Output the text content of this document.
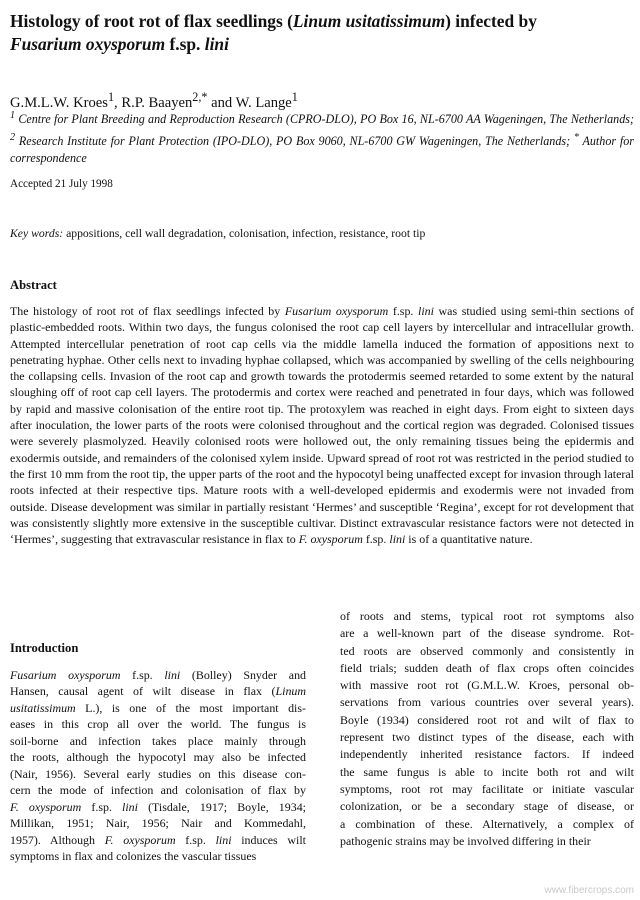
Histology of root rot of flax seedlings (Linum usitatissimum) infected by
Fusarium oxysporum f.sp. lini
G.M.L.W. Kroes$^1$, R.P. Baayen$^{2,*}$ and W. Lange$^1$
$^1$ Centre for Plant Breeding and Reproduction Research (CPRO-DLO), PO Box 16, NL-6700 AA Wageningen, The Netherlands; $^2$ Research Institute for Plant Protection (IPO-DLO), PO Box 9060, NL-6700 GW Wageningen, The Netherlands; * Author for correspondence
Accepted 21 July 1998
Key words: appositions, cell wall degradation, colonisation, infection, resistance, root tip
Abstract
The histology of root rot of flax seedlings infected by Fusarium oxysporum f.sp. lini was studied using semi-thin sections of plastic-embedded roots. Within two days, the fungus colonised the root cap cell layers by intercellular and intracellular growth. Attempted intercellular penetration of root cap cells via the middle lamella induced the formation of appositions next to penetrating hyphae. Other cells next to invading hyphae collapsed, which was accompanied by swelling of the cells neighbouring the collapsing cells. Invasion of the root cap and growth towards the protodermis seemed retarded to some extent by the natural sloughing off of root cap cell layers. The protodermis and cortex were reached and penetrated in four days, which was followed by rapid and massive colonisation of the entire root tip. The protoxylem was reached in eight days. From eight to sixteen days after inoculation, the lower parts of the roots were colonised throughout and the cortical region was degraded. Colonised tissues were severely plasmolyzed. Heavily colonised roots were hollowed out, the only remaining tissues being the epidermis and exodermis outside, and remainders of the colonised xylem inside. Upward spread of root rot was restricted in the period studied to the first 10 mm from the root tip, the upper parts of the root and the hypocotyl being unaffected except for invasion through lateral roots infected at their respective tips. Mature roots with a well-developed epidermis and exodermis were not invaded from outside. Disease development was similar in partially resistant ‘Hermes’ and susceptible ‘Regina’, except for rot development that was consistently slightly more extensive in the susceptible cultivar. Distinct extravascular resistance factors were not detected in ‘Hermes’, suggesting that extravascular resistance in flax to F. oxysporum f.sp. lini is of a quantitative nature.
Introduction
Fusarium oxysporum f.sp. lini (Bolley) Snyder and
Hansen, causal agent of wilt disease in flax (Linum
usitatissimum L.), is one of the most important dis-
eases in this crop all over the world. The fungus is
soil-borne and infection takes place mainly through
the roots, although the hypocotyl may also be infected
(Nair, 1956). Several early studies on this disease con-
cern the mode of infection and colonisation of flax by
F. oxysporum f.sp. lini (Tisdale, 1917; Boyle, 1934;
Millikan, 1951; Nair, 1956; Nair and Kommedahl,
1957). Although F. oxysporum f.sp. lini induces wilt
symptoms in flax and colonizes the vascular tissues
of roots and stems, typical root rot symptoms also
are a well-known part of the disease syndrome. Rot-
ted roots are observed commonly and consistently in
field trials; sudden death of flax crops often coincides
with massive root rot (G.M.L.W. Kroes, personal ob-
servations from various countries over several years).
Boyle (1934) considered root rot and wilt of flax to
represent two distinct types of the disease, each with
independently inherited resistance factors. If indeed
the same fungus is able to incite both rot and wilt
symptoms, root rot may facilitate or initiate vascular
colonization, or be a secondary stage of disease, or
a combination of these. Alternatively, a complex of
pathogenic strains may be involved differing in their
www.fibercrops.com
